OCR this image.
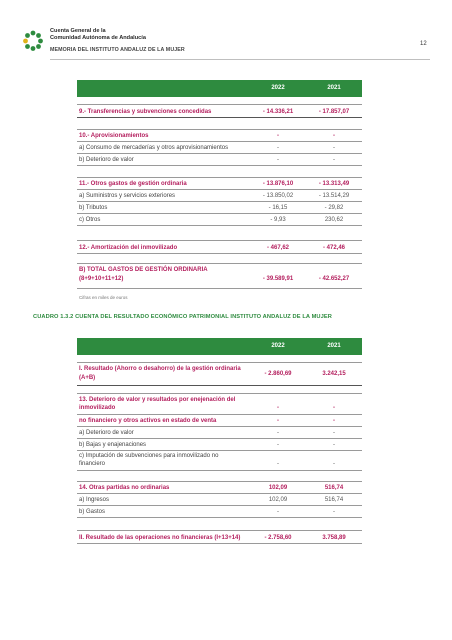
Cuenta General de la
Comunidad Autónoma de Andalucía
MEMORIA DEL INSTITUTO ANDALUZ DE LA MUJER
12
2022	2021
9.- Transferencias y subvenciones concedidas	- 14.336,21	- 17.857,07
10.- Aprovisionamientos	-	-
a) Consumo de mercaderías y otros aprovisionamientos	-	-
b) Deterioro de valor	-	-
11.- Otros gastos de gestión ordinaria	- 13.876,10	- 13.313,49
a) Suministros y servicios exteriores	- 13.850,02	- 13.514,29
b) Tributos	- 16,15	- 29,82
c) Otros	- 9,93	230,62
12.- Amortización del inmovilizado	- 467,62	- 472,46
B) TOTAL GASTOS DE GESTIÓN ORDINARIA
(8+9+10+11+12)	- 39.589,91	- 42.652,27
Cifras en miles de euros
CUADRO 1.3.2 CUENTA DEL RESULTADO ECONÓMICO PATRIMONIAL INSTITUTO ANDALUZ DE LA MUJER
2022	2021
I. Resultado (Ahorro o desahorro) de la gestión ordinaria
(A+B)
- 2.860,69	3.242,15
13. Deterioro de valor y resultados por enejenación del
inmovilizado	-	-
no financiero y otros activos en estado de venta	-	-
a) Deterioro de valor	-	-
b) Bajas y enajenaciones	-	-
c) Imputación de subvenciones para inmovilizado no
financiero	-	-
14. Otras partidas no ordinarias	102,09	516,74
a) Ingresos	102,09	516,74
b) Gastos	-	-
II. Resultado de las operaciones no financieras (I+13+14)	- 2.758,60	3.758,89
